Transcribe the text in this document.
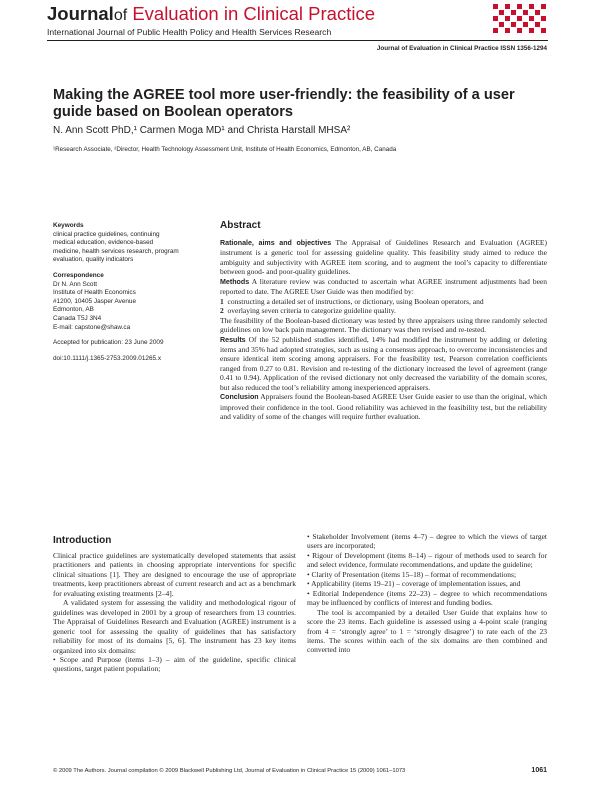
Journalof Evaluation in Clinical Practice
International Journal of Public Health Policy and Health Services Research
Journal of Evaluation in Clinical Practice ISSN 1356-1294
Making the AGREE tool more user-friendly: the feasibility of a user guide based on Boolean operators
N. Ann Scott PhD,¹ Carmen Moga MD¹ and Christa Harstall MHSA²
¹Research Associate, ²Director, Health Technology Assessment Unit, Institute of Health Economics, Edmonton, AB, Canada
Keywords
clinical practice guidelines, continuing
medical education, evidence-based
medicine, health services research, program
evaluation, quality indicators
Correspondence
Dr N. Ann Scott
Institute of Health Economics
#1200, 10405 Jasper Avenue
Edmonton, AB
Canada T5J 3N4
E-mail: capstone@shaw.ca
Accepted for publication: 23 June 2009
doi:10.1111/j.1365-2753.2009.01265.x
Abstract

Rationale, aims and objectives The Appraisal of Guidelines Research and Evaluation (AGREE) instrument is a generic tool for assessing guideline quality. This feasibility study aimed to reduce the ambiguity and subjectivity with AGREE item scoring, and to augment the tool’s capacity to differentiate between good- and poor-quality guidelines.

Methods A literature review was conducted to ascertain what AGREE instrument adjustments had been reported to date. The AGREE User Guide was then modified by:

1 constructing a detailed set of instructions, or dictionary, using Boolean operators, and

2 overlaying seven criteria to categorize guideline quality.

The feasibility of the Boolean-based dictionary was tested by three appraisers using three randomly selected guidelines on low back pain management. The dictionary was then revised and re-tested.

Results Of the 52 published studies identified, 14% had modified the instrument by adding or deleting items and 35% had adopted strategies, such as using a consensus approach, to overcome inconsistencies and ensure identical item scoring among appraisers. For the feasibility test, Pearson correlation coefficients ranged from 0.27 to 0.81. Revision and re-testing of the dictionary increased the level of agreement (range 0.41 to 0.94). Application of the revised dictionary not only decreased the variability of the domain scores, but also reduced the tool’s reliability among inexperienced appraisers.

Conclusion Appraisers found the Boolean-based AGREE User Guide easier to use than the original, which improved their confidence in the tool. Good reliability was achieved in the feasibility test, but the reliability and validity of some of the changes will require further evaluation.

Introduction

Clinical practice guidelines are systematically developed statements that assist practitioners and patients in choosing appropriate interventions for specific clinical situations [1]. They are designed to encourage the use of appropriate treatments, keep practitioners abreast of current research and act as a benchmark for evaluating existing treatments [2–4].

A validated system for assessing the validity and methodological rigour of guidelines was developed in 2001 by a group of researchers from 13 countries. The Appraisal of Guidelines Research and Evaluation (AGREE) instrument is a generic tool for assessing the quality of guidelines that has satisfactory reliability for most of its domains [5, 6]. The instrument has 23 key items organized into six domains:

• Scope and Purpose (items 1–3) – aim of the guideline, specific clinical questions, target patient population;

• Stakeholder Involvement (items 4–7) – degree to which the views of target users are incorporated;

• Rigour of Development (items 8–14) – rigour of methods used to search for and select evidence, formulate recommendations, and update the guideline;

• Clarity of Presentation (items 15–18) – format of recommendations;

• Applicability (items 19–21) – coverage of implementation issues, and

• Editorial Independence (items 22–23) – degree to which recommendations may be influenced by conflicts of interest and funding bodies.

The tool is accompanied by a detailed User Guide that explains how to score the 23 items. Each guideline is assessed using a 4-point scale (ranging from 4 = ‘strongly agree’ to 1 = ‘strongly disagree’) to rate each of the 23 items. The scores within each of the six domains are then combined and converted into

© 2009 The Authors. Journal compilation © 2009 Blackwell Publishing Ltd, Journal of Evaluation in Clinical Practice 15 (2009) 1061–1073	1061
